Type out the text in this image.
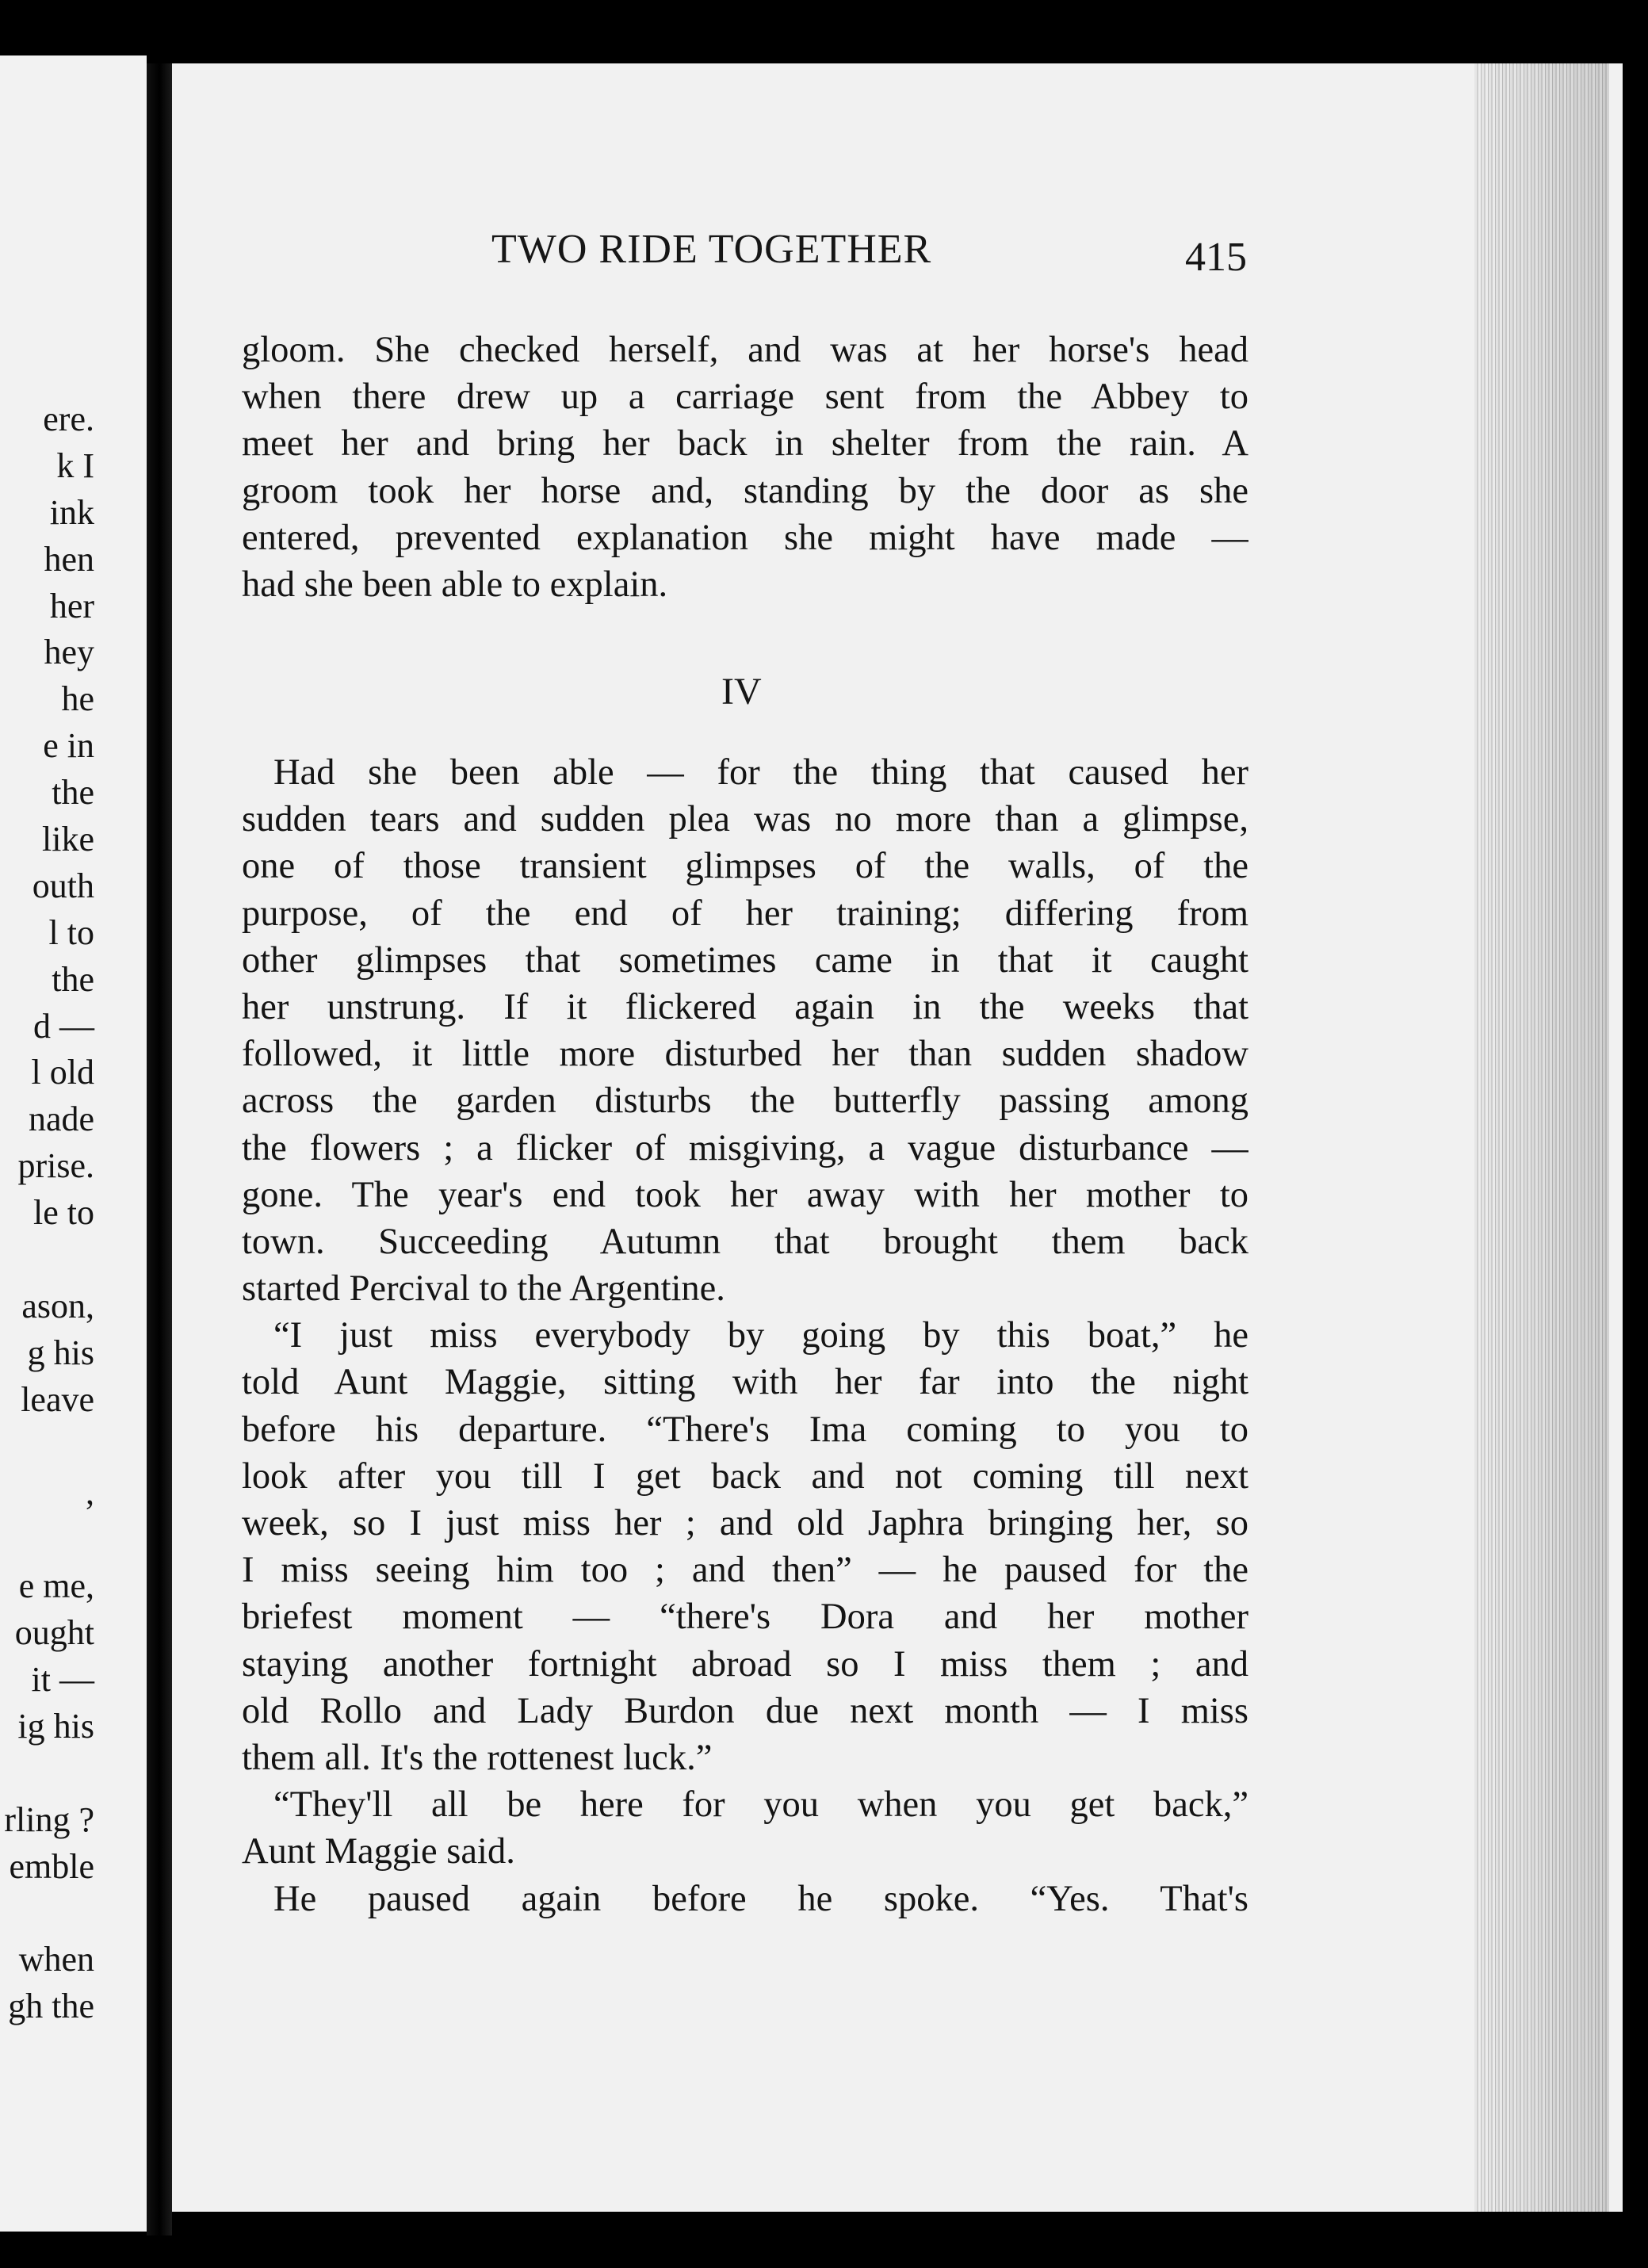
ere.
k I
ink
hen
her
hey
he
e in
the
like
outh
l to
the
d —
l old
nade
prise.
le to
ason,
g his
leave
,
e me,
ought
it —
ig his
rling ?
emble
when
gh the
TWO RIDE TOGETHER	415
gloom. She checked herself, and was at her horse's head
when there drew up a carriage sent from the Abbey to
meet her and bring her back in shelter from the rain. A
groom took her horse and, standing by the door as she
entered, prevented explanation she might have made —
had she been able to explain.
IV
Had she been able — for the thing that caused her
sudden tears and sudden plea was no more than a glimpse,
one of those transient glimpses of the walls, of the
purpose, of the end of her training; differing from
other glimpses that sometimes came in that it caught
her unstrung. If it flickered again in the weeks that
followed, it little more disturbed her than sudden shadow
across the garden disturbs the butterfly passing among
the flowers ; a flicker of misgiving, a vague disturbance —
gone. The year's end took her away with her mother to
town. Succeeding Autumn that brought them back
started Percival to the Argentine.
“I just miss everybody by going by this boat,” he
told Aunt Maggie, sitting with her far into the night
before his departure. “There's Ima coming to you to
look after you till I get back and not coming till next
week, so I just miss her ; and old Japhra bringing her, so
I miss seeing him too ; and then” — he paused for the
briefest moment — “there's Dora and her mother
staying another fortnight abroad so I miss them ; and
old Rollo and Lady Burdon due next month — I miss
them all. It's the rottenest luck.”
“They'll all be here for you when you get back,”
Aunt Maggie said.
He paused again before he spoke. “Yes. That's
